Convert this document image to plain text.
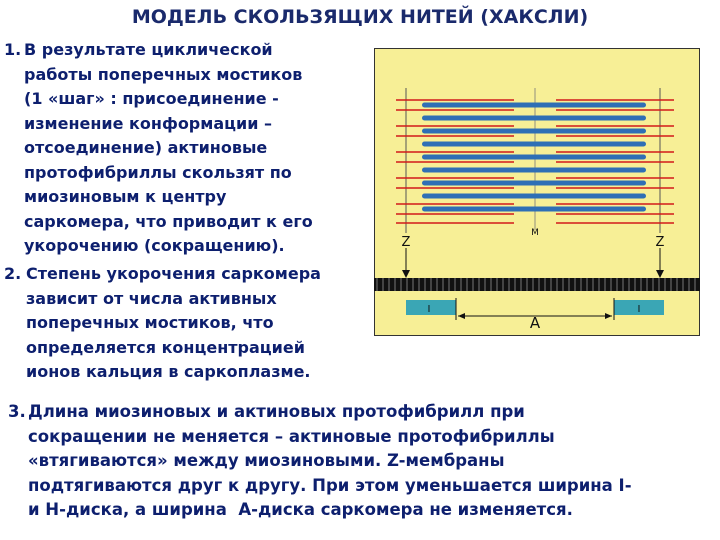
МОДЕЛЬ СКОЛЬЗЯЩИХ НИТЕЙ (ХАКСЛИ)
1. В результате циклической
работы поперечных мостиков
(1 «шаг» : присоединение -
изменение конформации –
отсоединение) актиновые
протофибриллы скользят по
миозиновым к центру
саркомера, что приводит к его
укорочению (сокращению).
2. Степень укорочения саркомера
зависит от числа активных
поперечных мостиков, что
определяется концентрацией
ионов кальция в саркоплазме.
3. Длина миозиновых и актиновых протофибрилл при
сокращении не меняется – актиновые протофибриллы
«втягиваются» между миозиновыми. Z-мембраны
подтягиваются друг к другу. При этом уменьшается ширина I-
и Н-диска, а ширина  А-диска саркомера не изменяется.
Z	Z
M
I	I
A
